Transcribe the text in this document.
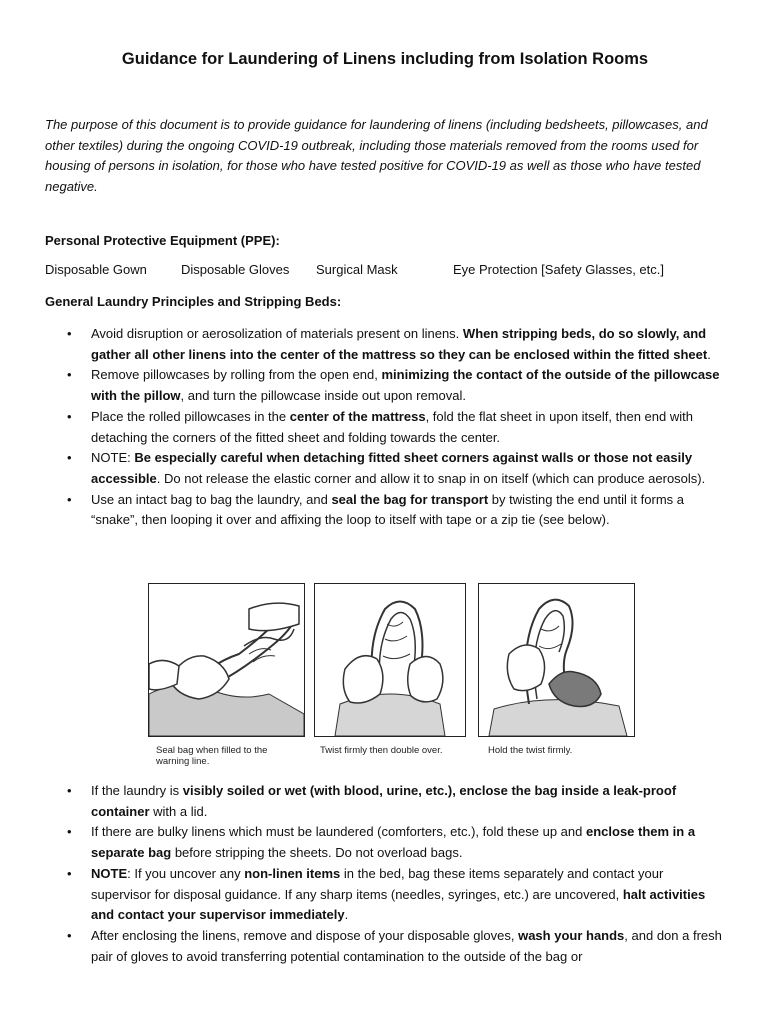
Guidance for Laundering of Linens including from Isolation Rooms
The purpose of this document is to provide guidance for laundering of linens (including bedsheets, pillowcases, and other textiles) during the ongoing COVID-19 outbreak, including those materials removed from the rooms used for housing of persons in isolation, for those who have tested positive for COVID-19 as well as those who have tested negative.
Personal Protective Equipment (PPE):
Disposable Gown	Disposable Gloves Surgical Mask	Eye Protection [Safety Glasses, etc.]
General Laundry Principles and Stripping Beds:
• Avoid disruption or aerosolization of materials present on linens. When stripping beds, do so slowly, and gather all other linens into the center of the mattress so they can be enclosed within the fitted sheet.
• Remove pillowcases by rolling from the open end, minimizing the contact of the outside of the pillowcase with the pillow, and turn the pillowcase inside out upon removal.
• Place the rolled pillowcases in the center of the mattress, fold the flat sheet in upon itself, then end with detaching the corners of the fitted sheet and folding towards the center.
• NOTE: Be especially careful when detaching fitted sheet corners against walls or those not easily accessible. Do not release the elastic corner and allow it to snap in on itself (which can produce aerosols).
• Use an intact bag to bag the laundry, and seal the bag for transport by twisting the end until it forms a “snake”, then looping it over and affixing the loop to itself with tape or a zip tie (see below).
Seal bag when filled to the warning line.
Twist firmly then double over.	Hold the twist firmly.
• If the laundry is visibly soiled or wet (with blood, urine, etc.), enclose the bag inside a leak-proof container with a lid.
• If there are bulky linens which must be laundered (comforters, etc.), fold these up and enclose them in a separate bag before stripping the sheets. Do not overload bags.
• NOTE: If you uncover any non-linen items in the bed, bag these items separately and contact your supervisor for disposal guidance. If any sharp items (needles, syringes, etc.) are uncovered, halt activities and contact your supervisor immediately.
• After enclosing the linens, remove and dispose of your disposable gloves, wash your hands, and don a fresh pair of gloves to avoid transferring potential contamination to the outside of the bag or
